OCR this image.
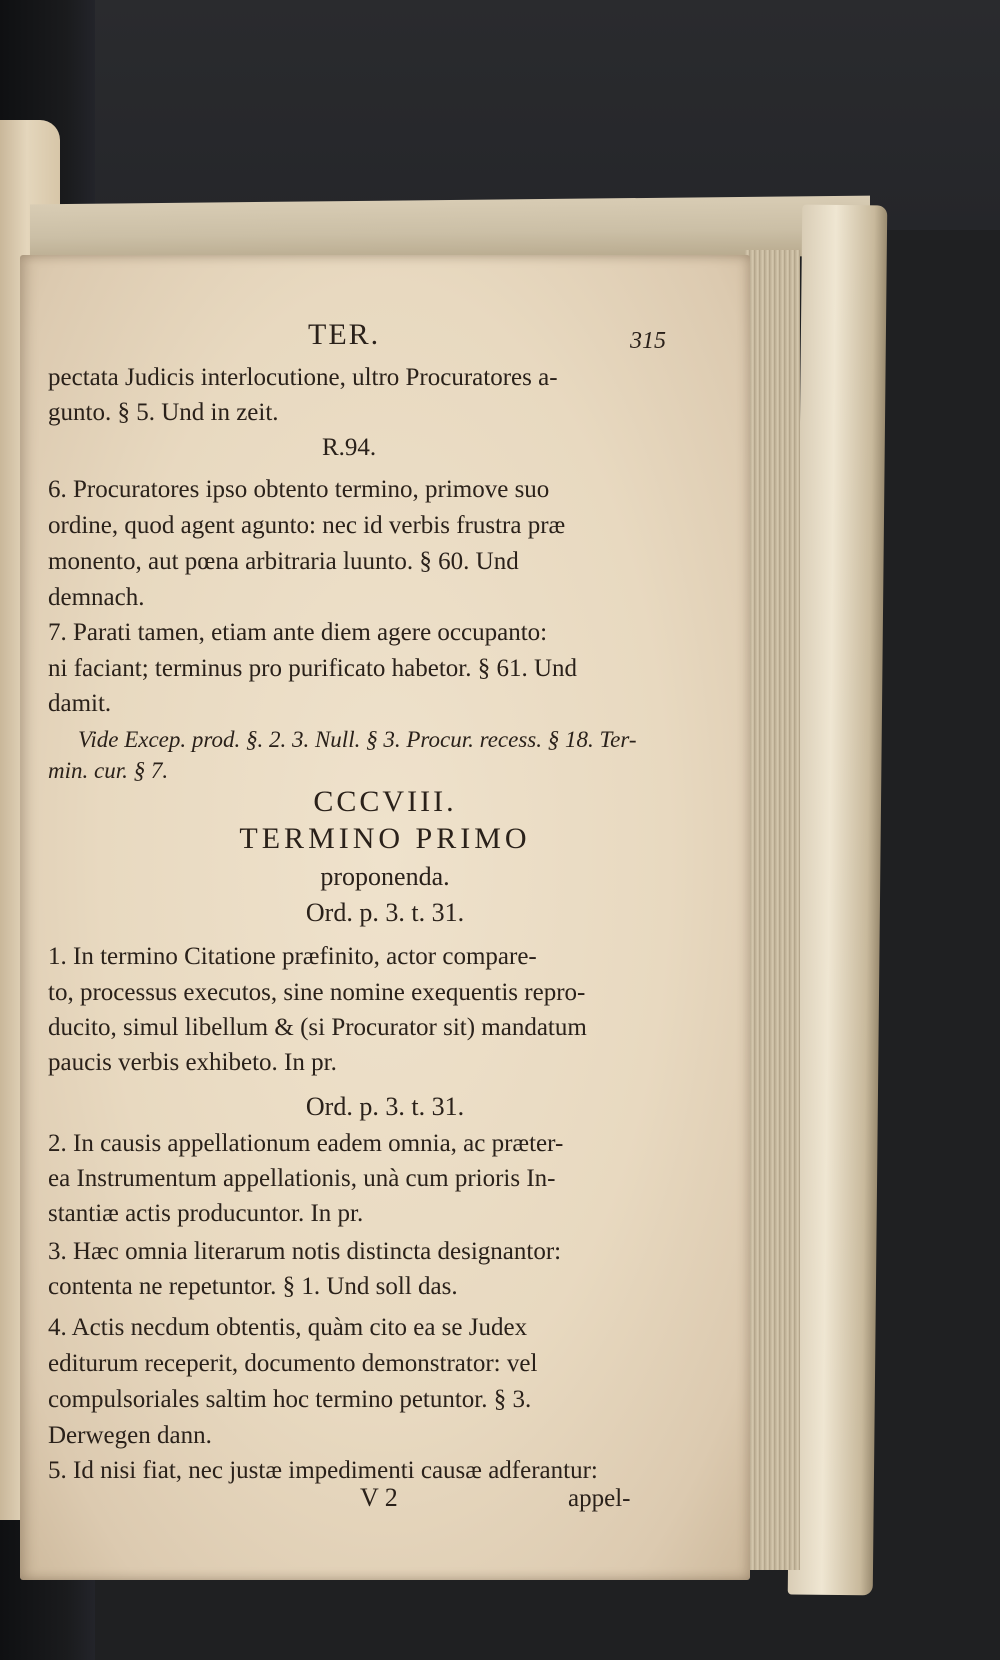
TER.	315
pectata Judicis interlocutione, ultro Procuratores a-
gunto. § 5. Und in zeit.
R.94.
6. Procuratores ipso obtento termino, primove suo
ordine, quod agent agunto: nec id verbis frustra præ
monento, aut pœna arbitraria luunto. § 60. Und
demnach.
7. Parati tamen, etiam ante diem agere occupanto:
ni faciant; terminus pro purificato habetor. § 61. Und
damit.
Vide Excep. prod. §. 2. 3. Null. § 3. Procur. recess. § 18. Ter-
min. cur. § 7.
CCCVIII.
TERMINO PRIMO
proponenda.
Ord. p. 3. t. 31.
1. In termino Citatione præfinito, actor compare-
to, processus executos, sine nomine exequentis repro-
ducito, simul libellum & (si Procurator sit) mandatum
paucis verbis exhibeto. In pr.
Ord. p. 3. t. 31.
2. In causis appellationum eadem omnia, ac præter-
ea Instrumentum appellationis, unà cum prioris In-
stantiæ actis producuntor. In pr.
3. Hæc omnia literarum notis distincta designantor:
contenta ne repetuntor. § 1. Und soll das.
4. Actis necdum obtentis, quàm cito ea se Judex
editurum receperit, documento demonstrator: vel
compulsoriales saltim hoc termino petuntor. § 3.
Derwegen dann.
5. Id nisi fiat, nec justæ impedimenti causæ adferantur:
V 2	appel-
